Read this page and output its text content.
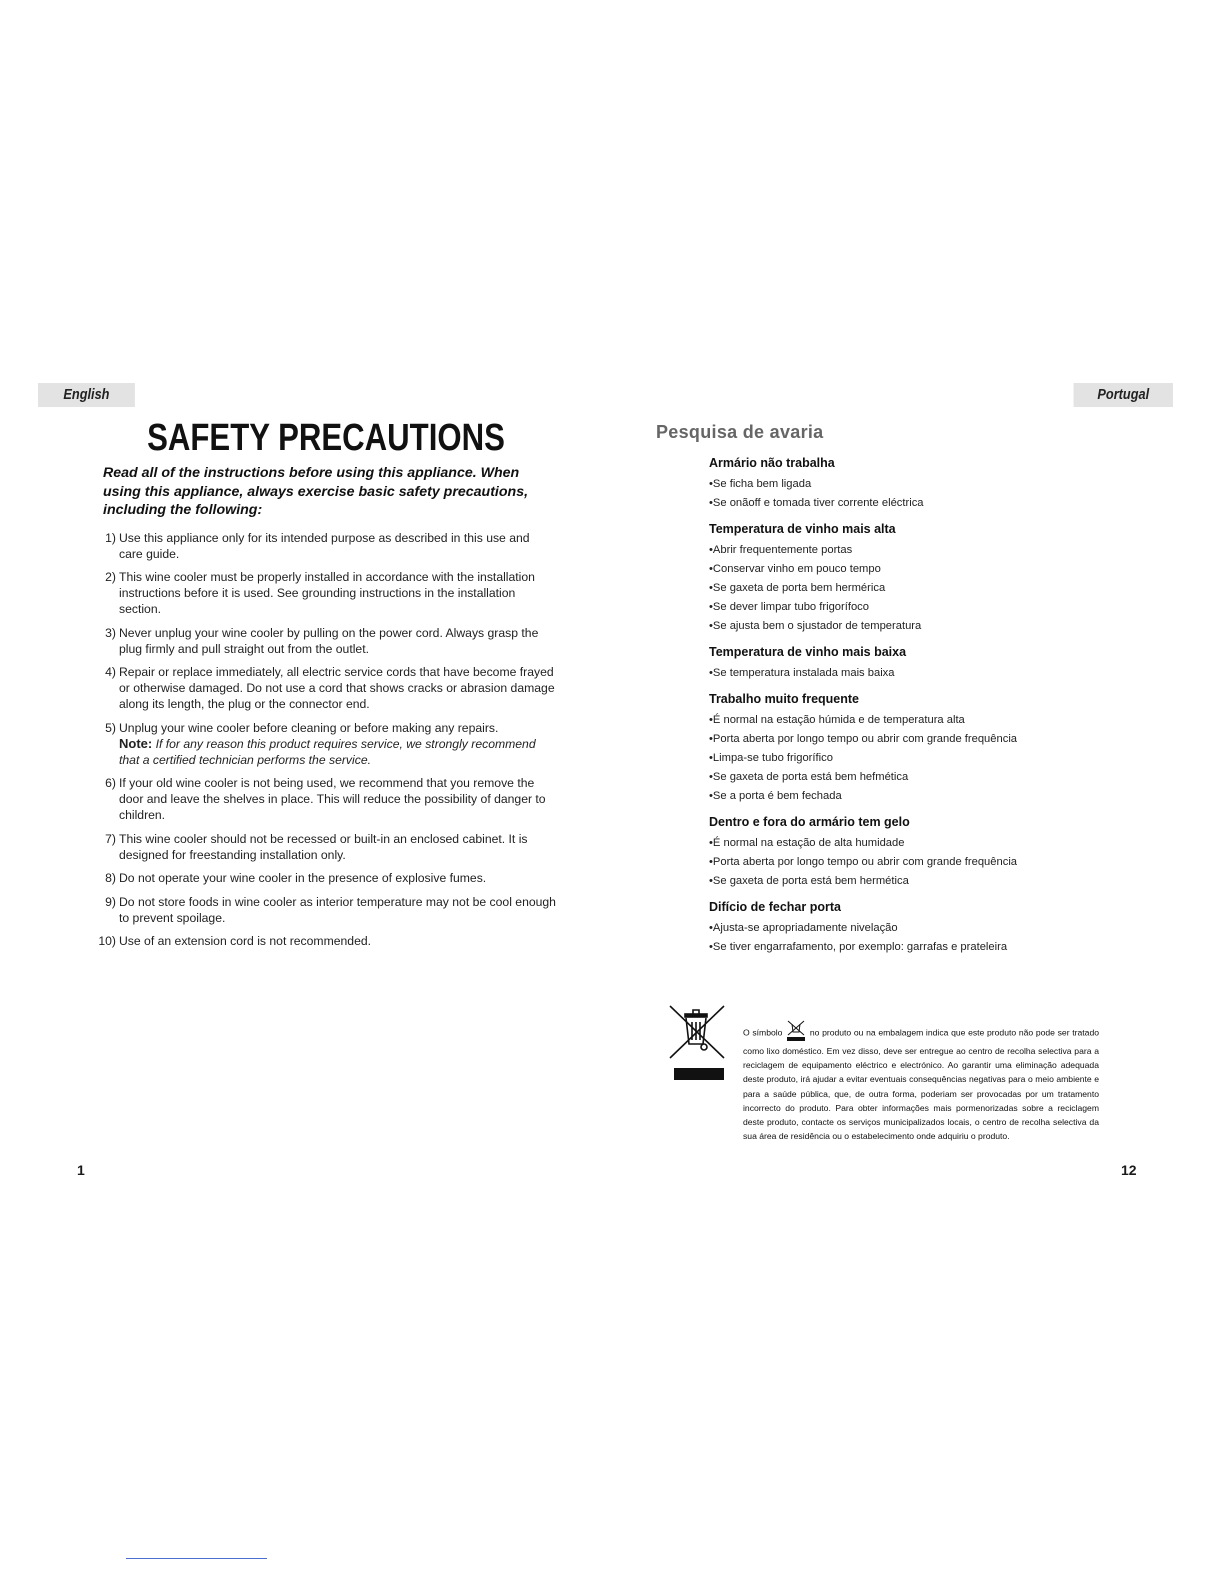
English	Portugal
SAFETY PRECAUTIONS

Read all of the instructions before using this appliance. When using this appliance, always exercise basic safety precautions, including the following:

1) Use this appliance only for its intended purpose as described in this use and care guide.
2) This wine cooler must be properly installed in accordance with the installation instructions before it is used. See grounding instructions in the installation section.
3) Never unplug your wine cooler by pulling on the power cord. Always grasp the plug firmly and pull straight out from the outlet.
4) Repair or replace immediately, all electric service cords that have become frayed or otherwise damaged. Do not use a cord that shows cracks or abrasion damage along its length, the plug or the connector end.
5) Unplug your wine cooler before cleaning or before making any repairs.
Note: If for any reason this product requires service, we strongly recommend that a certified technician performs the service.
6) If your old wine cooler is not being used, we recommend that you remove the door and leave the shelves in place. This will reduce the possibility of danger to children.
7) This wine cooler should not be recessed or built-in an enclosed cabinet. It is designed for freestanding installation only.
8) Do not operate your wine cooler in the presence of explosive fumes.
9) Do not store foods in wine cooler as interior temperature may not be cool enough to prevent spoilage.
10) Use of an extension cord is not recommended.
Pesquisa de avaria
Armário não trabalha
•Se ficha bem ligada
•Se onãoff e tomada tiver corrente eléctrica
Temperatura de vinho mais alta
•Abrir frequentemente portas
•Conservar vinho em pouco tempo
•Se gaxeta de porta bem hermérica
•Se dever limpar tubo frigorífoco
•Se ajusta bem o sjustador de temperatura
Temperatura de vinho mais baixa
•Se temperatura instalada mais baixa
Trabalho muito frequente
•É normal na estação húmida e de temperatura alta
•Porta aberta por longo tempo ou abrir com grande frequência
•Limpa-se tubo frigorífico
•Se gaxeta de porta está bem hefmética
•Se a porta é bem fechada
Dentro e fora do armário tem gelo
•É normal na estação de alta humidade
•Porta aberta por longo tempo ou abrir com grande frequência
•Se gaxeta de porta está bem hermética
Difício de fechar porta
•Ajusta-se apropriadamente nivelação
•Se tiver engarrafamento, por exemplo: garrafas e prateleira
O símbolo	no produto ou na embalagem indica que este produto não pode ser tratado como lixo doméstico. Em vez disso, deve ser entregue ao centro de recolha selectiva para a reciclagem de equipamento eléctrico e electrónico. Ao garantir uma eliminação adequada deste produto, irá ajudar a evitar eventuais consequências negativas para o meio ambiente e para a saúde pública, que, de outra forma, poderiam ser provocadas por um tratamento incorrecto do produto. Para obter informações mais pormenorizadas sobre a reciclagem deste produto, contacte os serviços municipalizados locais, o centro de recolha selectiva da sua área de residência ou o estabelecimento onde adquiriu o produto.
1	12
